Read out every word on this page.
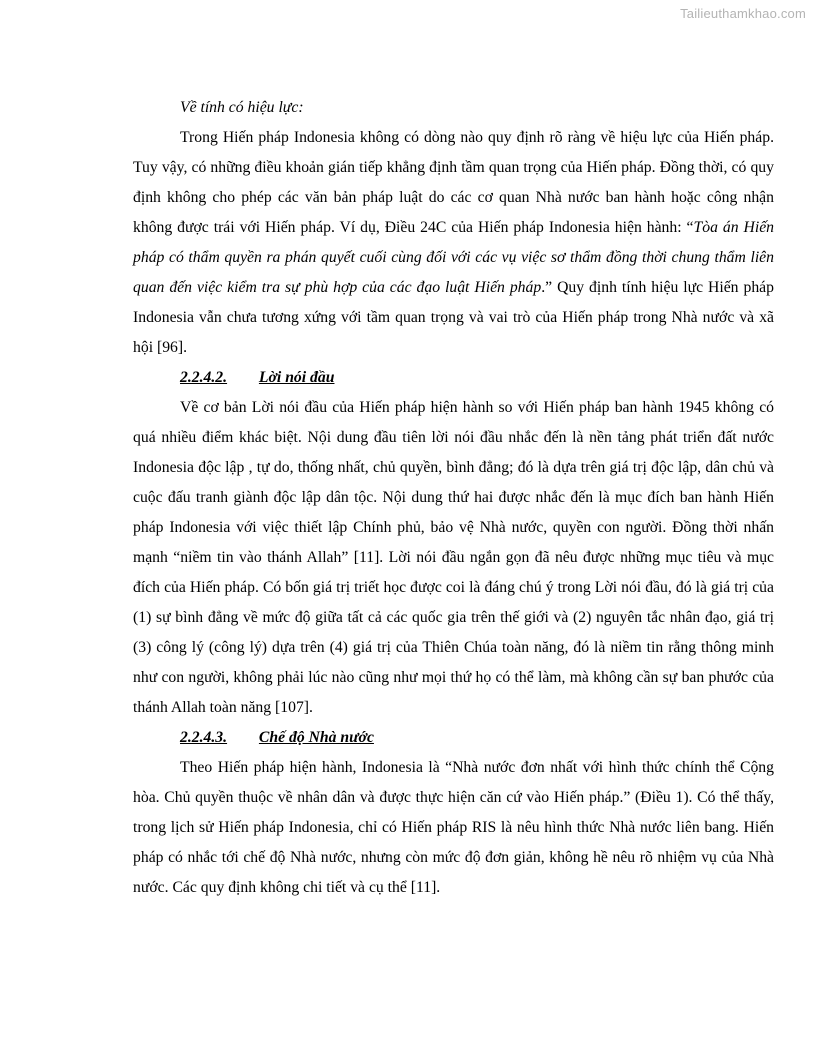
Tailieuthamkhao.com

Về tính có hiệu lực:

Trong Hiến pháp Indonesia không có dòng nào quy định rõ ràng về hiệu lực của Hiến pháp. Tuy vậy, có những điều khoản gián tiếp khẳng định tầm quan trọng của Hiến pháp. Đồng thời, có quy định không cho phép các văn bản pháp luật do các cơ quan Nhà nước ban hành hoặc công nhận không được trái với Hiến pháp. Ví dụ, Điều 24C của Hiến pháp Indonesia hiện hành: “Tòa án Hiến pháp có thẩm quyền ra phán quyết cuối cùng đối với các vụ việc sơ thẩm đồng thời chung thẩm liên quan đến việc kiểm tra sự phù hợp của các đạo luật Hiến pháp.” Quy định tính hiệu lực Hiến pháp Indonesia vẫn chưa tương xứng với tầm quan trọng và vai trò của Hiến pháp trong Nhà nước và xã hội [96].

2.2.4.2. Lời nói đầu

Về cơ bản Lời nói đầu của Hiến pháp hiện hành so với Hiến pháp ban hành 1945 không có quá nhiều điểm khác biệt. Nội dung đầu tiên lời nói đầu nhắc đến là nền tảng phát triển đất nước Indonesia độc lập , tự do, thống nhất, chủ quyền, bình đẳng; đó là dựa trên giá trị độc lập, dân chủ và cuộc đấu tranh giành độc lập dân tộc. Nội dung thứ hai được nhắc đến là mục đích ban hành Hiến pháp Indonesia với việc thiết lập Chính phủ, bảo vệ Nhà nước, quyền con người. Đồng thời nhấn mạnh “niềm tin vào thánh Allah” [11]. Lời nói đầu ngắn gọn đã nêu được những mục tiêu và mục đích của Hiến pháp. Có bốn giá trị triết học được coi là đáng chú ý trong Lời nói đầu, đó là giá trị của (1) sự bình đẳng về mức độ giữa tất cả các quốc gia trên thế giới và (2) nguyên tắc nhân đạo, giá trị (3) công lý (công lý) dựa trên (4) giá trị của Thiên Chúa toàn năng, đó là niềm tin rằng thông minh như con người, không phải lúc nào cũng như mọi thứ họ có thể làm, mà không cần sự ban phước của thánh Allah toàn năng [107].

2.2.4.3. Chế độ Nhà nước

Theo Hiến pháp hiện hành, Indonesia là “Nhà nước đơn nhất với hình thức chính thể Cộng hòa. Chủ quyền thuộc về nhân dân và được thực hiện căn cứ vào Hiến pháp.” (Điều 1). Có thể thấy, trong lịch sử Hiến pháp Indonesia, chỉ có Hiến pháp RIS là nêu hình thức Nhà nước liên bang. Hiến pháp có nhắc tới chế độ Nhà nước, nhưng còn mức độ đơn giản, không hề nêu rõ nhiệm vụ của Nhà nước. Các quy định không chi tiết và cụ thể [11].
